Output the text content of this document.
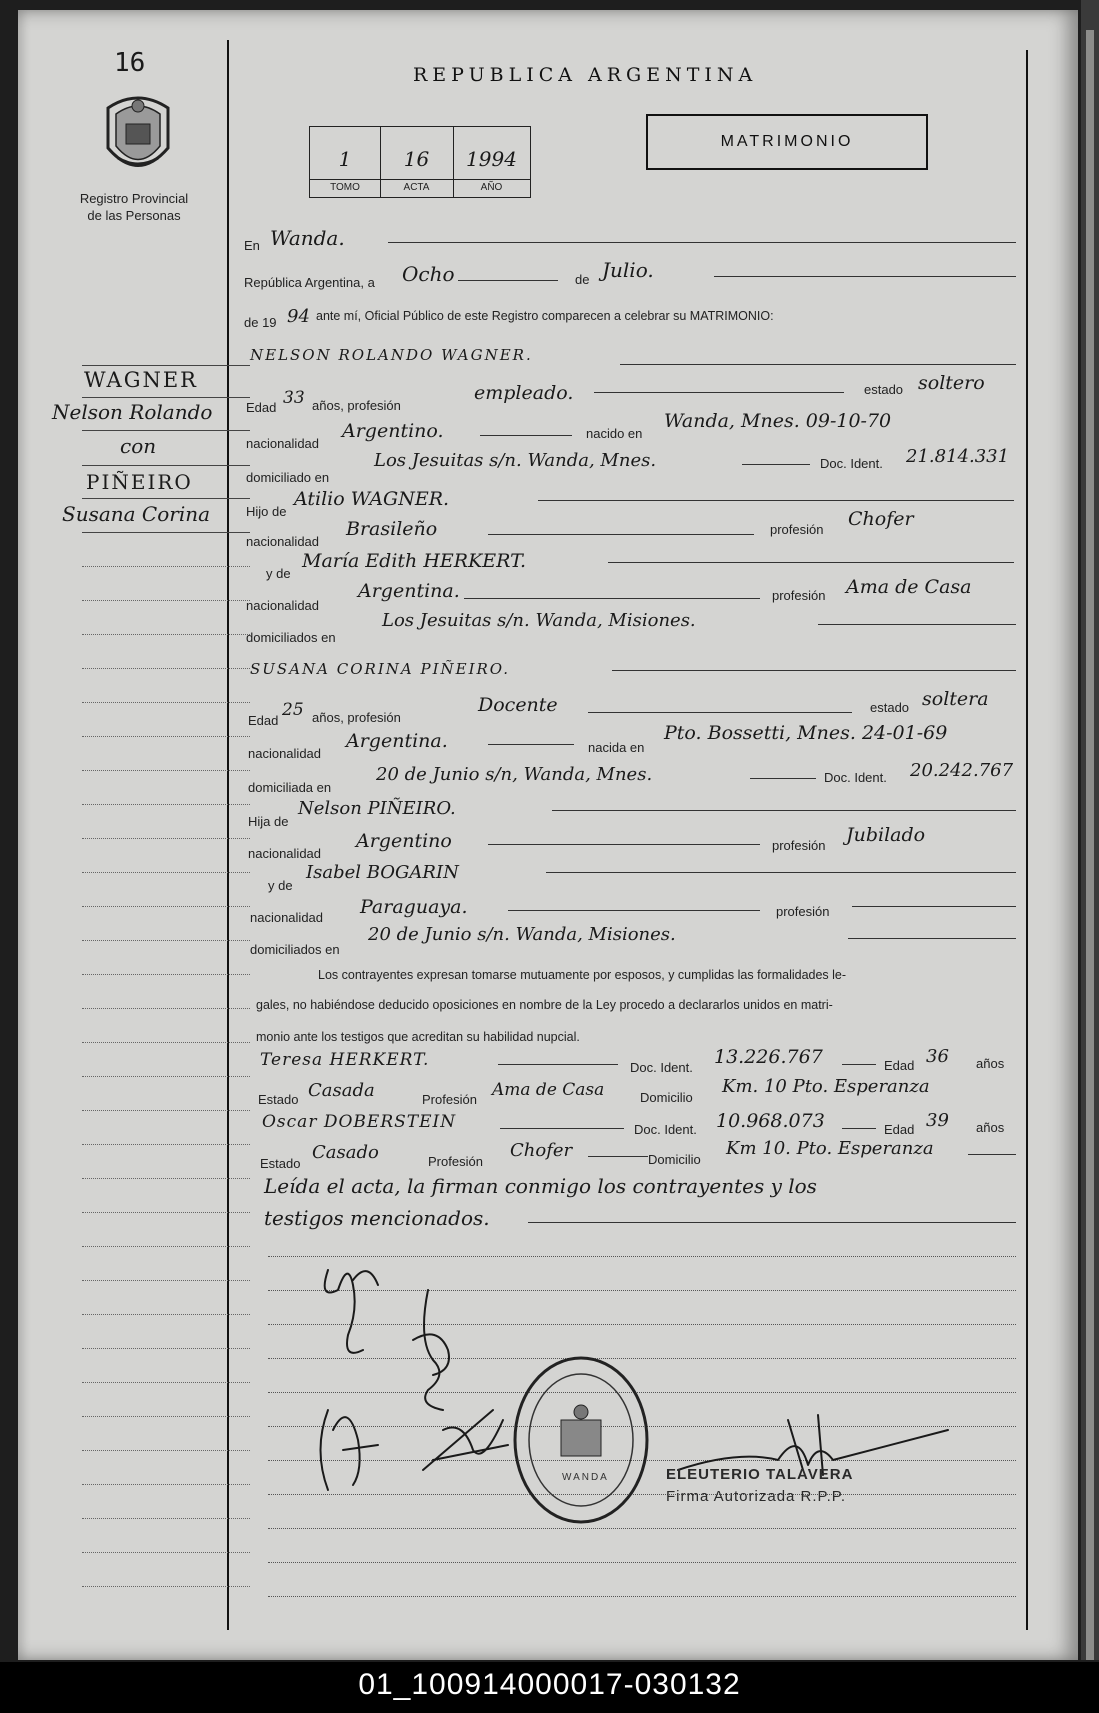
16
Registro Provincial
de las Personas
REPUBLICA ARGENTINA
1	16	1994
TOMO	ACTA	AÑO
MATRIMONIO
WAGNER
Nelson Rolando
con
PIÑEIRO
Susana Corina
En Wanda.
República Argentina, a Ocho	de Julio.
de 19 94 ante mí, Oficial Público de este Registro comparecen a celebrar su MATRIMONIO:
NELSON ROLANDO WAGNER.
Edad 33 años, profesión
empleado.	estado soltero
nacionalidad
Argentino.	nacido en
Wanda, Mnes. 09-10-70
domiciliado en
Los Jesuitas s/n. Wanda, Mnes.	Doc. Ident. 21.814.331
Hijo de
Atilio WAGNER.
nacionalidad
Brasileño	profesión Chofer
y de
María Edith HERKERT.
nacionalidad
Argentina.	profesión Ama de Casa
domiciliados en
Los Jesuitas s/n. Wanda, Misiones.
SUSANA CORINA PIÑEIRO.
Edad
25 años, profesión
Docente	estado soltera
nacionalidad
Argentina.	nacida en
Pto. Bossetti, Mnes. 24-01-69
domiciliada en
20 de Junio s/n, Wanda, Mnes.	Doc. Ident. 20.242.767
Hija de
Nelson PIÑEIRO.
nacionalidad
Argentino	profesión Jubilado
y de
Isabel BOGARIN
nacionalidad Paraguaya.	profesión
domiciliados en
20 de Junio s/n. Wanda, Misiones.
Los contrayentes expresan tomarse mutuamente por esposos, y cumplidas las formalidades le-
gales, no habiéndose deducido oposiciones en nombre de la Ley procedo a declararlos unidos en matri-
monio ante los testigos que acreditan su habilidad nupcial.
Teresa HERKERT.	Doc. Ident. 13.226.767	Edad 36 años
Estado Casada	Profesión Ama de Casa	Domicilio
Km. 10 Pto. Esperanza
Oscar DOBERSTEIN	Doc. Ident. 10.968.073	Edad 39 años
Estado
Casado	Profesión
Chofer	Domicilio
Km 10. Pto. Esperanza
Leída el acta, la firman conmigo los contrayentes y los
testigos mencionados.
WANDA	ELEUTERIO TALAVERA
Firma Autorizada R.P.P.
01_100914000017-030132
